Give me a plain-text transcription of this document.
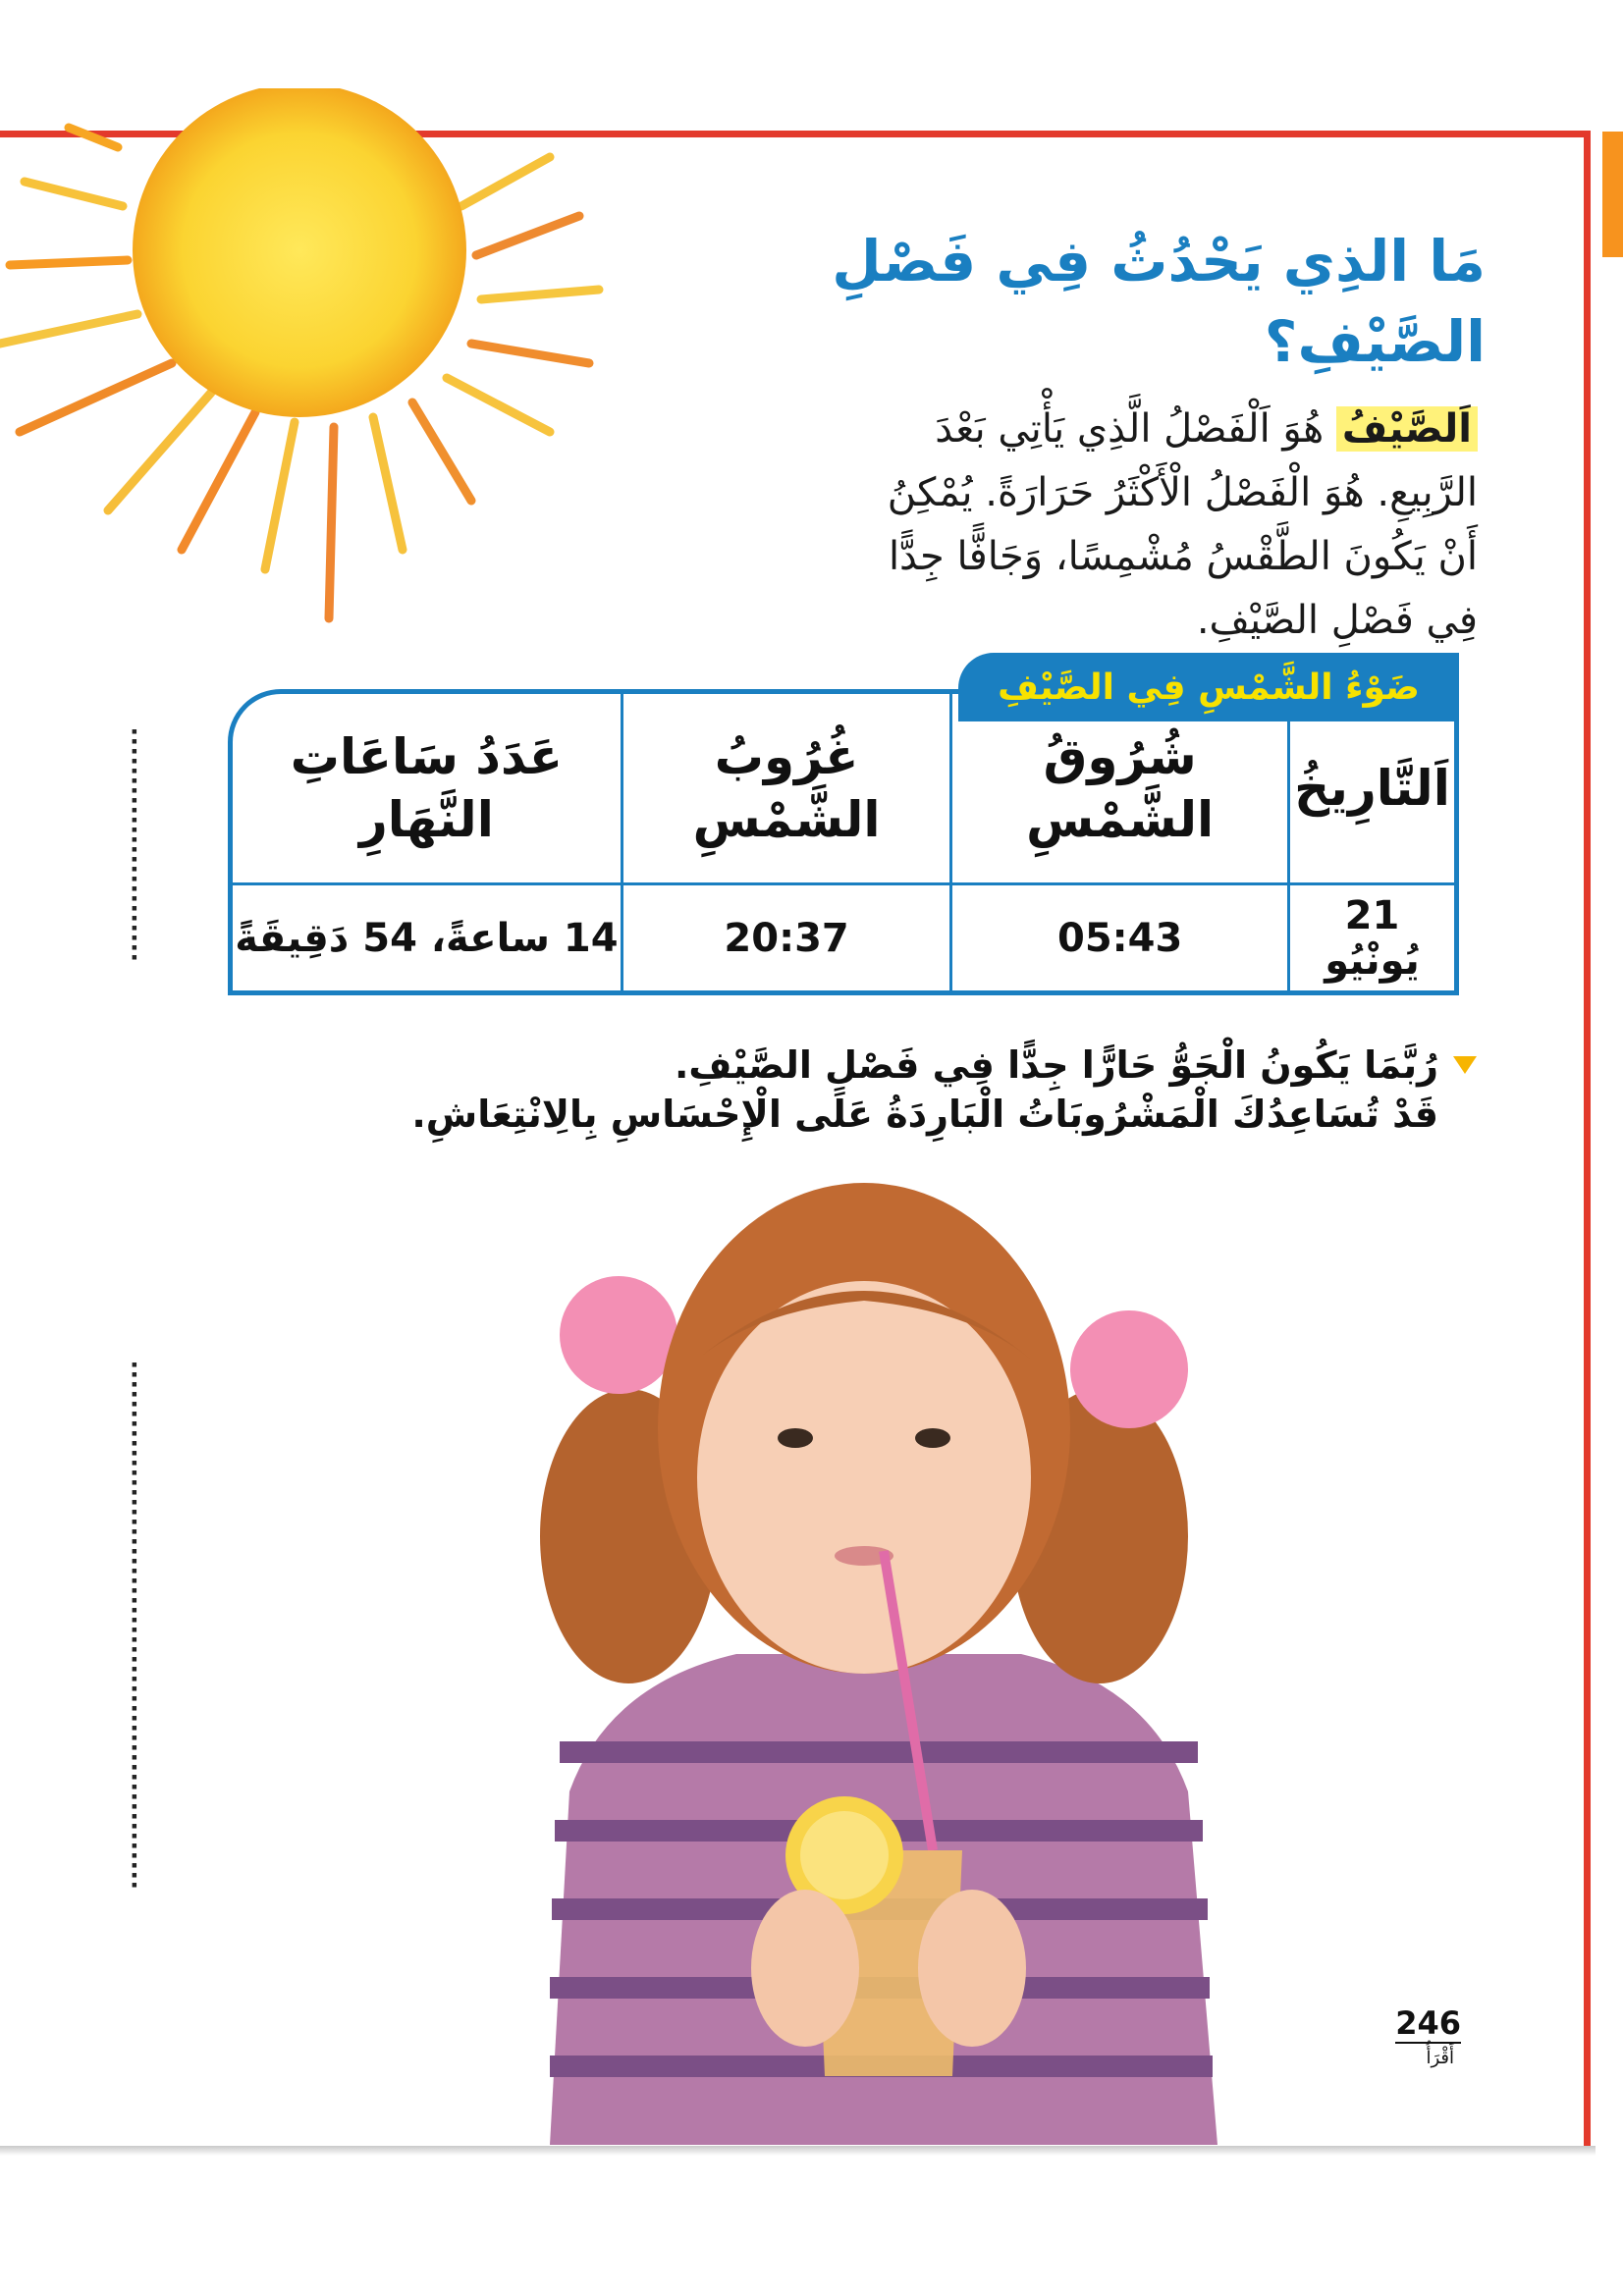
مَا الذِي يَحْدُثُ فِي فَصْلِ الصَّيْفِ؟

اَلصَّيْفُ هُوَ اَلْفَصْلُ الَّذِي يَأْتِي بَعْدَ الرَّبِيعِ. هُوَ الْفَصْلُ الْأَكْثَرُ حَرَارَةً. يُمْكِنُ أَنْ يَكُونَ الطَّقْسُ مُشْمِسًا، وَجَافًّا جِدًّا فِي فَصْلِ الصَّيْفِ.

اَلتَّارِيخُ	شُرُوقُ الشَّمْسِ	غُرُوبُ الشَّمْسِ	عَدَدُ سَاعَاتِ النَّهَارِ
21 يُونْيُو	05:43	20:37	14 ساعةً، 54 دَقِيقَةً
ضَوْءُ الشَّمْسِ فِي الصَّيْفِ

رُبَّمَا يَكُونُ الْجَوُّ حَارًّا جِدًّا فِي فَصْلِ الصَّيْفِ.
قَدْ تُسَاعِدُكَ الْمَشْرُوبَاتُ الْبَارِدَةُ عَلَى الْإِحْسَاسِ بِالِانْتِعَاشِ.

▪▪▪▪▪▪▪▪▪▪▪▪▪▪▪▪▪▪▪▪▪▪▪▪
▪▪▪▪▪▪▪▪▪▪▪▪▪▪▪▪▪▪▪▪▪▪▪▪▪▪▪▪▪▪▪▪▪▪▪▪▪▪▪▪▪▪▪▪▪▪▪▪▪▪▪▪▪▪
246
أَقْرَأُ
